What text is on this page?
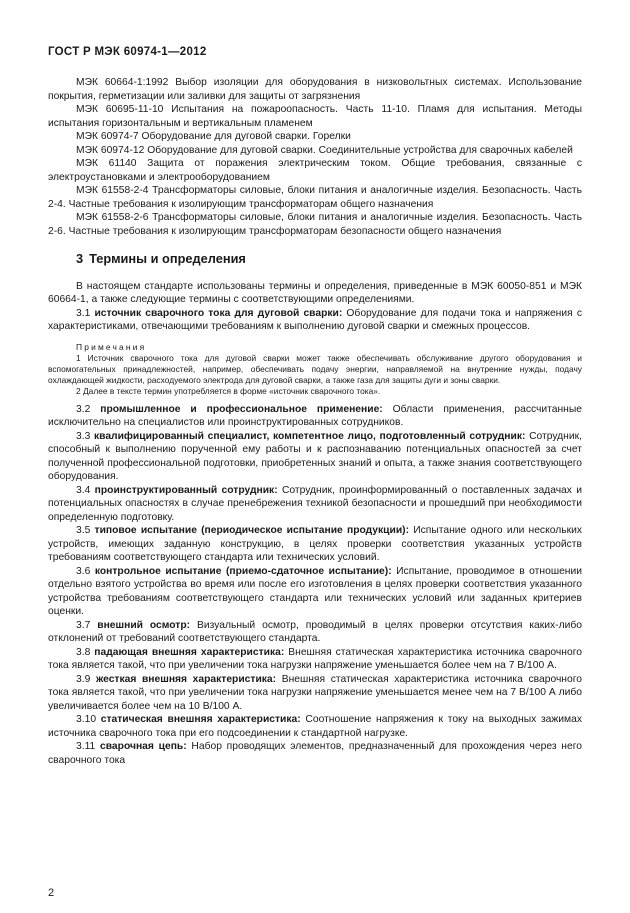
ГОСТ Р МЭК 60974-1—2012

МЭК 60664-1:1992 Выбор изоляции для оборудования в низковольтных системах. Использование покрытия, герметизации или заливки для защиты от загрязнения

МЭК 60695-11-10 Испытания на пожароопасность. Часть 11-10. Пламя для испытания. Методы испытания горизонтальным и вертикальным пламенем

МЭК 60974-7 Оборудование для дуговой сварки. Горелки

МЭК 60974-12 Оборудование для дуговой сварки. Соединительные устройства для сварочных кабелей

МЭК 61140 Защита от поражения электрическим током. Общие требования, связанные с электроустановками и электрооборудованием

МЭК 61558-2-4 Трансформаторы силовые, блоки питания и аналогичные изделия. Безопасность. Часть 2-4. Частные требования к изолирующим трансформаторам общего назначения

МЭК 61558-2-6 Трансформаторы силовые, блоки питания и аналогичные изделия. Безопасность. Часть 2-6. Частные требования к изолирующим трансформаторам безопасности общего назначения

3 Термины и определения

В настоящем стандарте использованы термины и определения, приведенные в МЭК 60050-851 и МЭК 60664-1, а также следующие термины с соответствующими определениями.

3.1 источник сварочного тока для дуговой сварки: Оборудование для подачи тока и напряжения с характеристиками, отвечающими требованиям к выполнению дуговой сварки и смежных процессов.

Примечания

1 Источник сварочного тока для дуговой сварки может также обеспечивать обслуживание другого оборудования и вспомогательных принадлежностей, например, обеспечивать подачу энергии, направляемой на внутренние нужды, подачу охлаждающей жидкости, расходуемого электрода для дуговой сварки, а также газа для защиты дуги и зоны сварки.

2 Далее в тексте термин употребляется в форме «источник сварочного тока».

3.2 промышленное и профессиональное применение: Области применения, рассчитанные исключительно на специалистов или проинструктированных сотрудников.

3.3 квалифицированный специалист, компетентное лицо, подготовленный сотрудник: Сотрудник, способный к выполнению порученной ему работы и к распознаванию потенциальных опасностей за счет полученной профессиональной подготовки, приобретенных знаний и опыта, а также знания соответствующего оборудования.

3.4 проинструктированный сотрудник: Сотрудник, проинформированный о поставленных задачах и потенциальных опасностях в случае пренебрежения техникой безопасности и прошедший при необходимости определенную подготовку.

3.5 типовое испытание (периодическое испытание продукции): Испытание одного или нескольких устройств, имеющих заданную конструкцию, в целях проверки соответствия указанных устройств требованиям соответствующего стандарта или технических условий.

3.6 контрольное испытание (приемо-сдаточное испытание): Испытание, проводимое в отношении отдельно взятого устройства во время или после его изготовления в целях проверки соответствия указанного устройства требованиям соответствующего стандарта или технических условий или заданных критериев оценки.

3.7 внешний осмотр: Визуальный осмотр, проводимый в целях проверки отсутствия каких-либо отклонений от требований соответствующего стандарта.

3.8 падающая внешняя характеристика: Внешняя статическая характеристика источника сварочного тока является такой, что при увеличении тока нагрузки напряжение уменьшается более чем на 7 В/100 А.

3.9 жесткая внешняя характеристика: Внешняя статическая характеристика источника сварочного тока является такой, что при увеличении тока нагрузки напряжение уменьшается менее чем на 7 В/100 А либо увеличивается более чем на 10 В/100 А.

3.10 статическая внешняя характеристика: Соотношение напряжения к току на выходных зажимах источника сварочного тока при его подсоединении к стандартной нагрузке.

3.11 сварочная цепь: Набор проводящих элементов, предназначенный для прохождения через него сварочного тока

2
